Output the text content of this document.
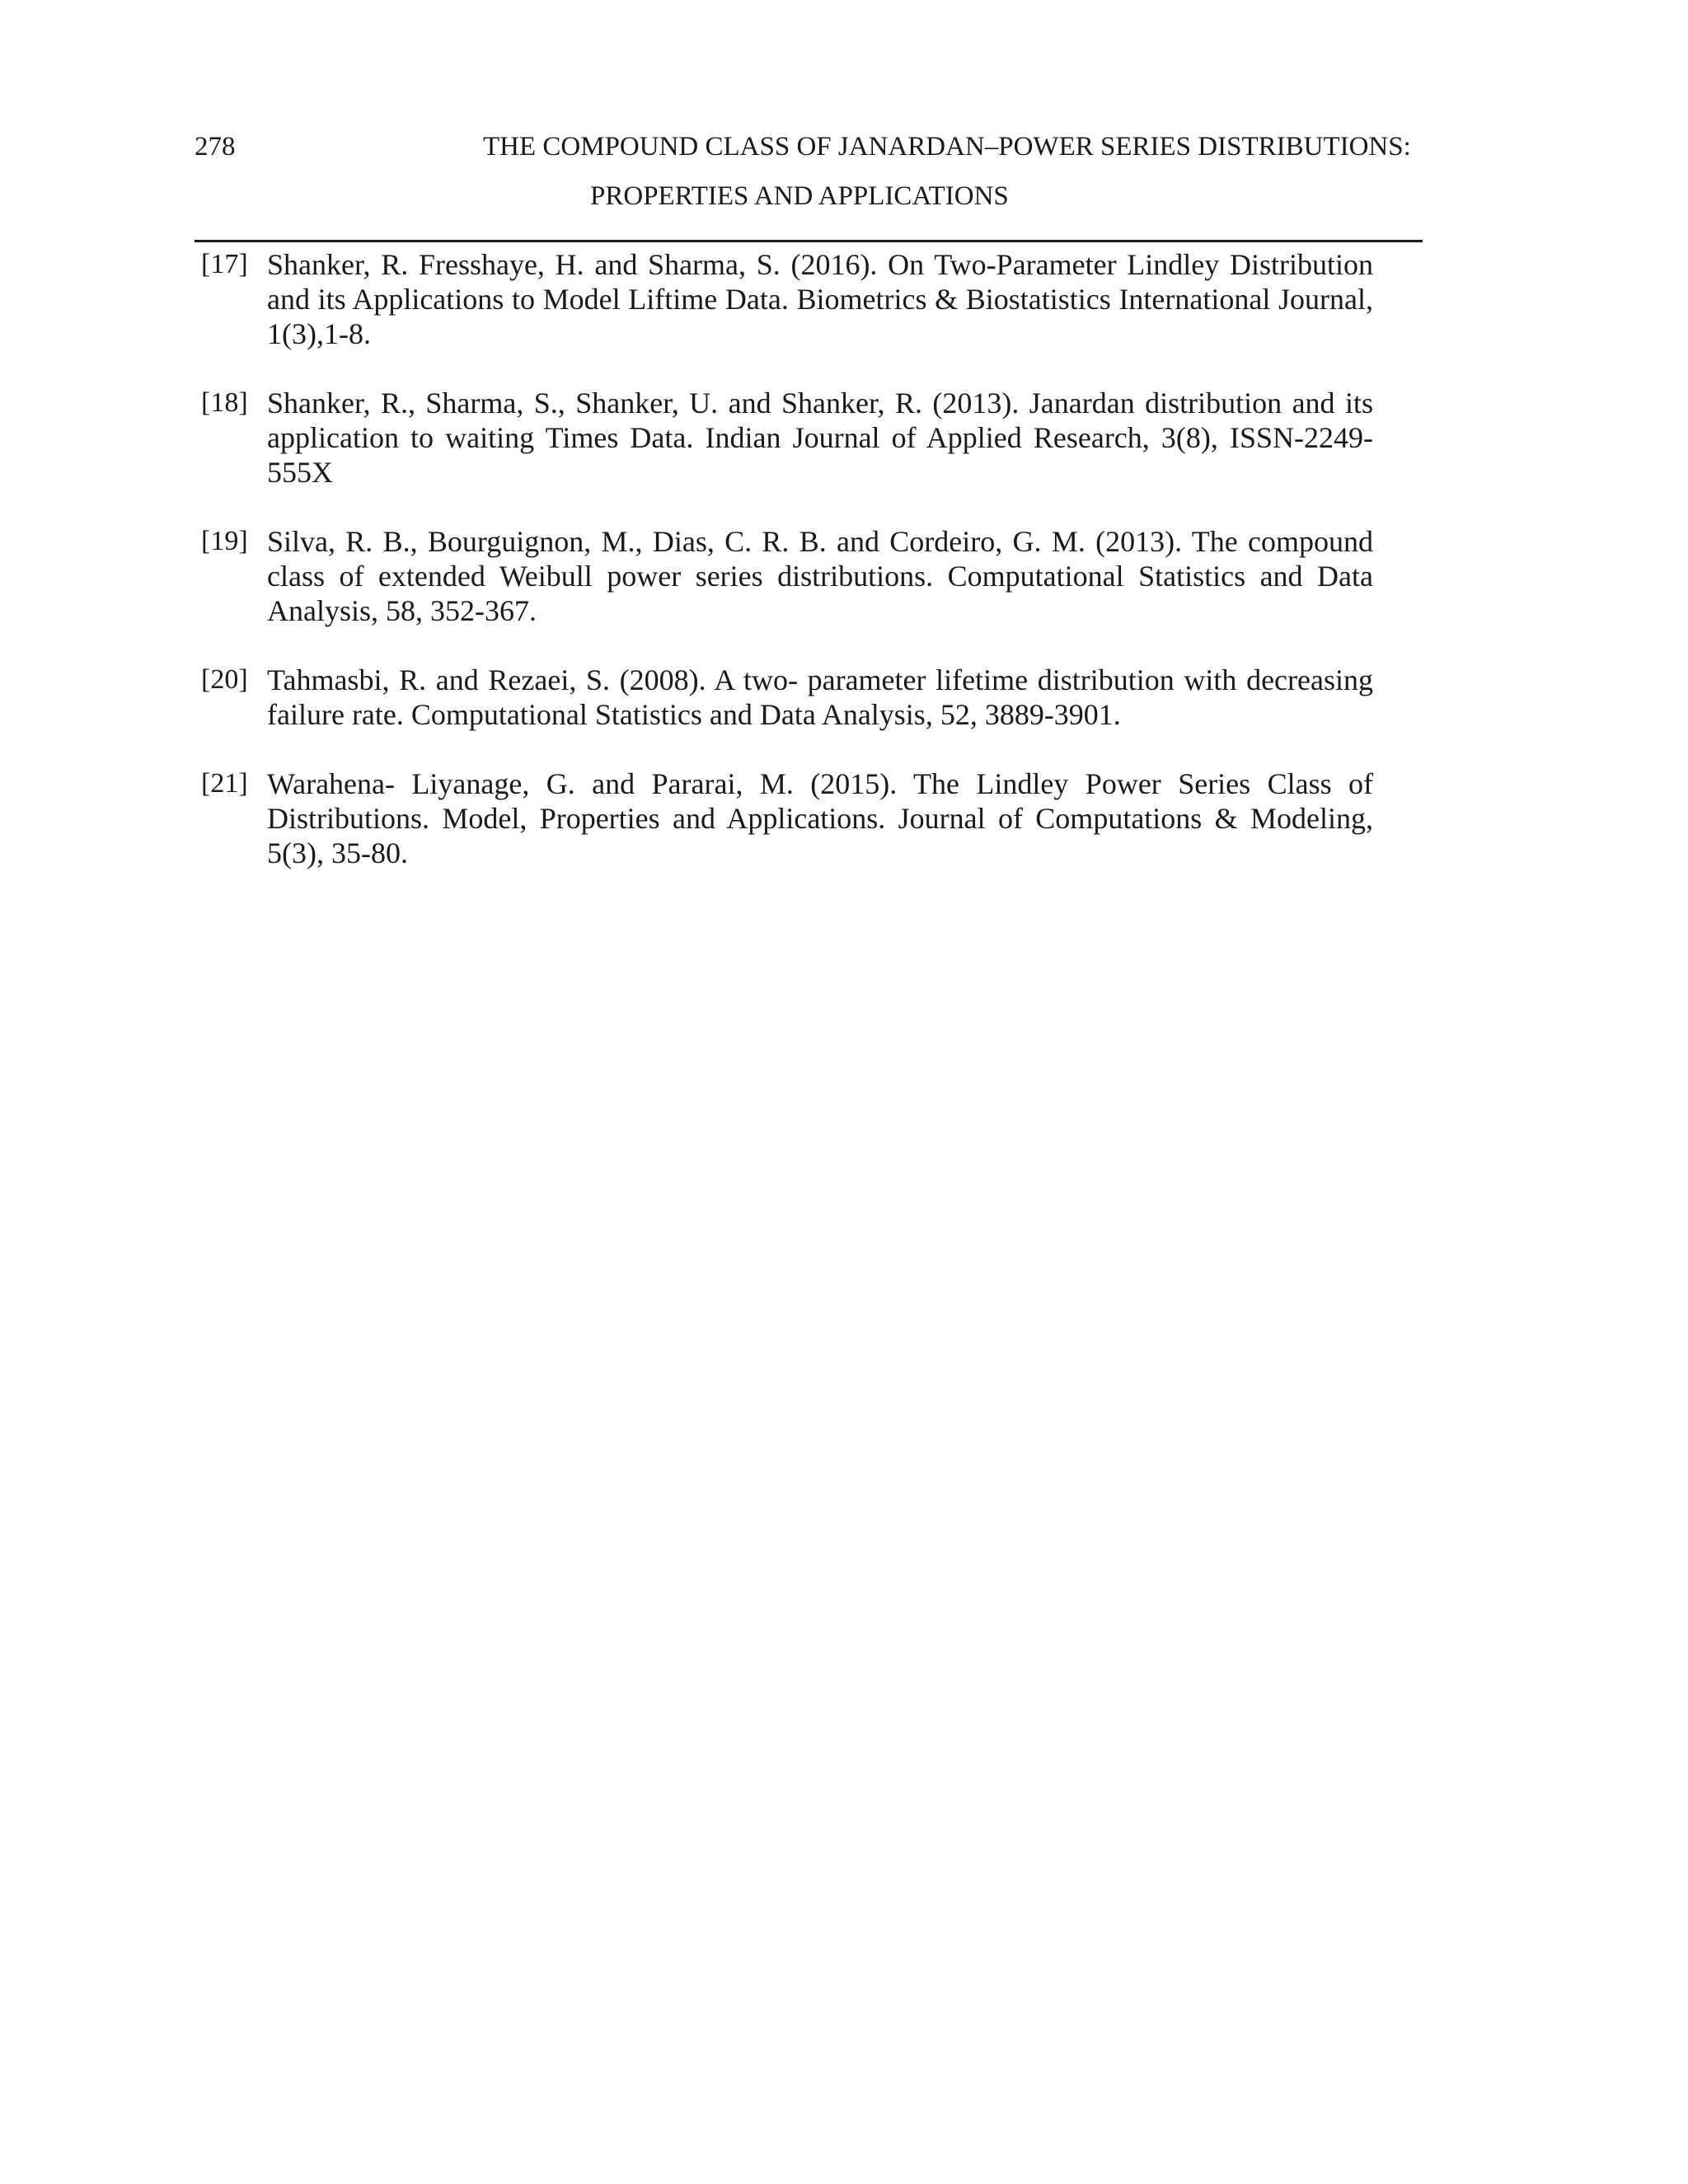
278	THE COMPOUND CLASS OF JANARDAN–POWER SERIES DISTRIBUTIONS:
PROPERTIES AND APPLICATIONS
[17] Shanker, R. Fresshaye, H. and Sharma, S. (2016). On Two-Parameter Lindley Distribution and its Applications to Model Liftime Data. Biometrics & Biostatistics International Journal, 1(3),1-8.
[18] Shanker, R., Sharma, S., Shanker, U. and Shanker, R. (2013). Janardan distribution and its application to waiting Times Data. Indian Journal of Applied Research, 3(8), ISSN-2249-555X
[19] Silva, R. B., Bourguignon, M., Dias, C. R. B. and Cordeiro, G. M. (2013). The compound class of extended Weibull power series distributions. Computational Statistics and Data Analysis, 58, 352-367.
[20] Tahmasbi, R. and Rezaei, S. (2008). A two- parameter lifetime distribution with decreasing failure rate. Computational Statistics and Data Analysis, 52, 3889-3901.
[21] Warahena- Liyanage, G. and Pararai, M. (2015). The Lindley Power Series Class of Distributions. Model, Properties and Applications. Journal of Computations & Modeling, 5(3), 35-80.
